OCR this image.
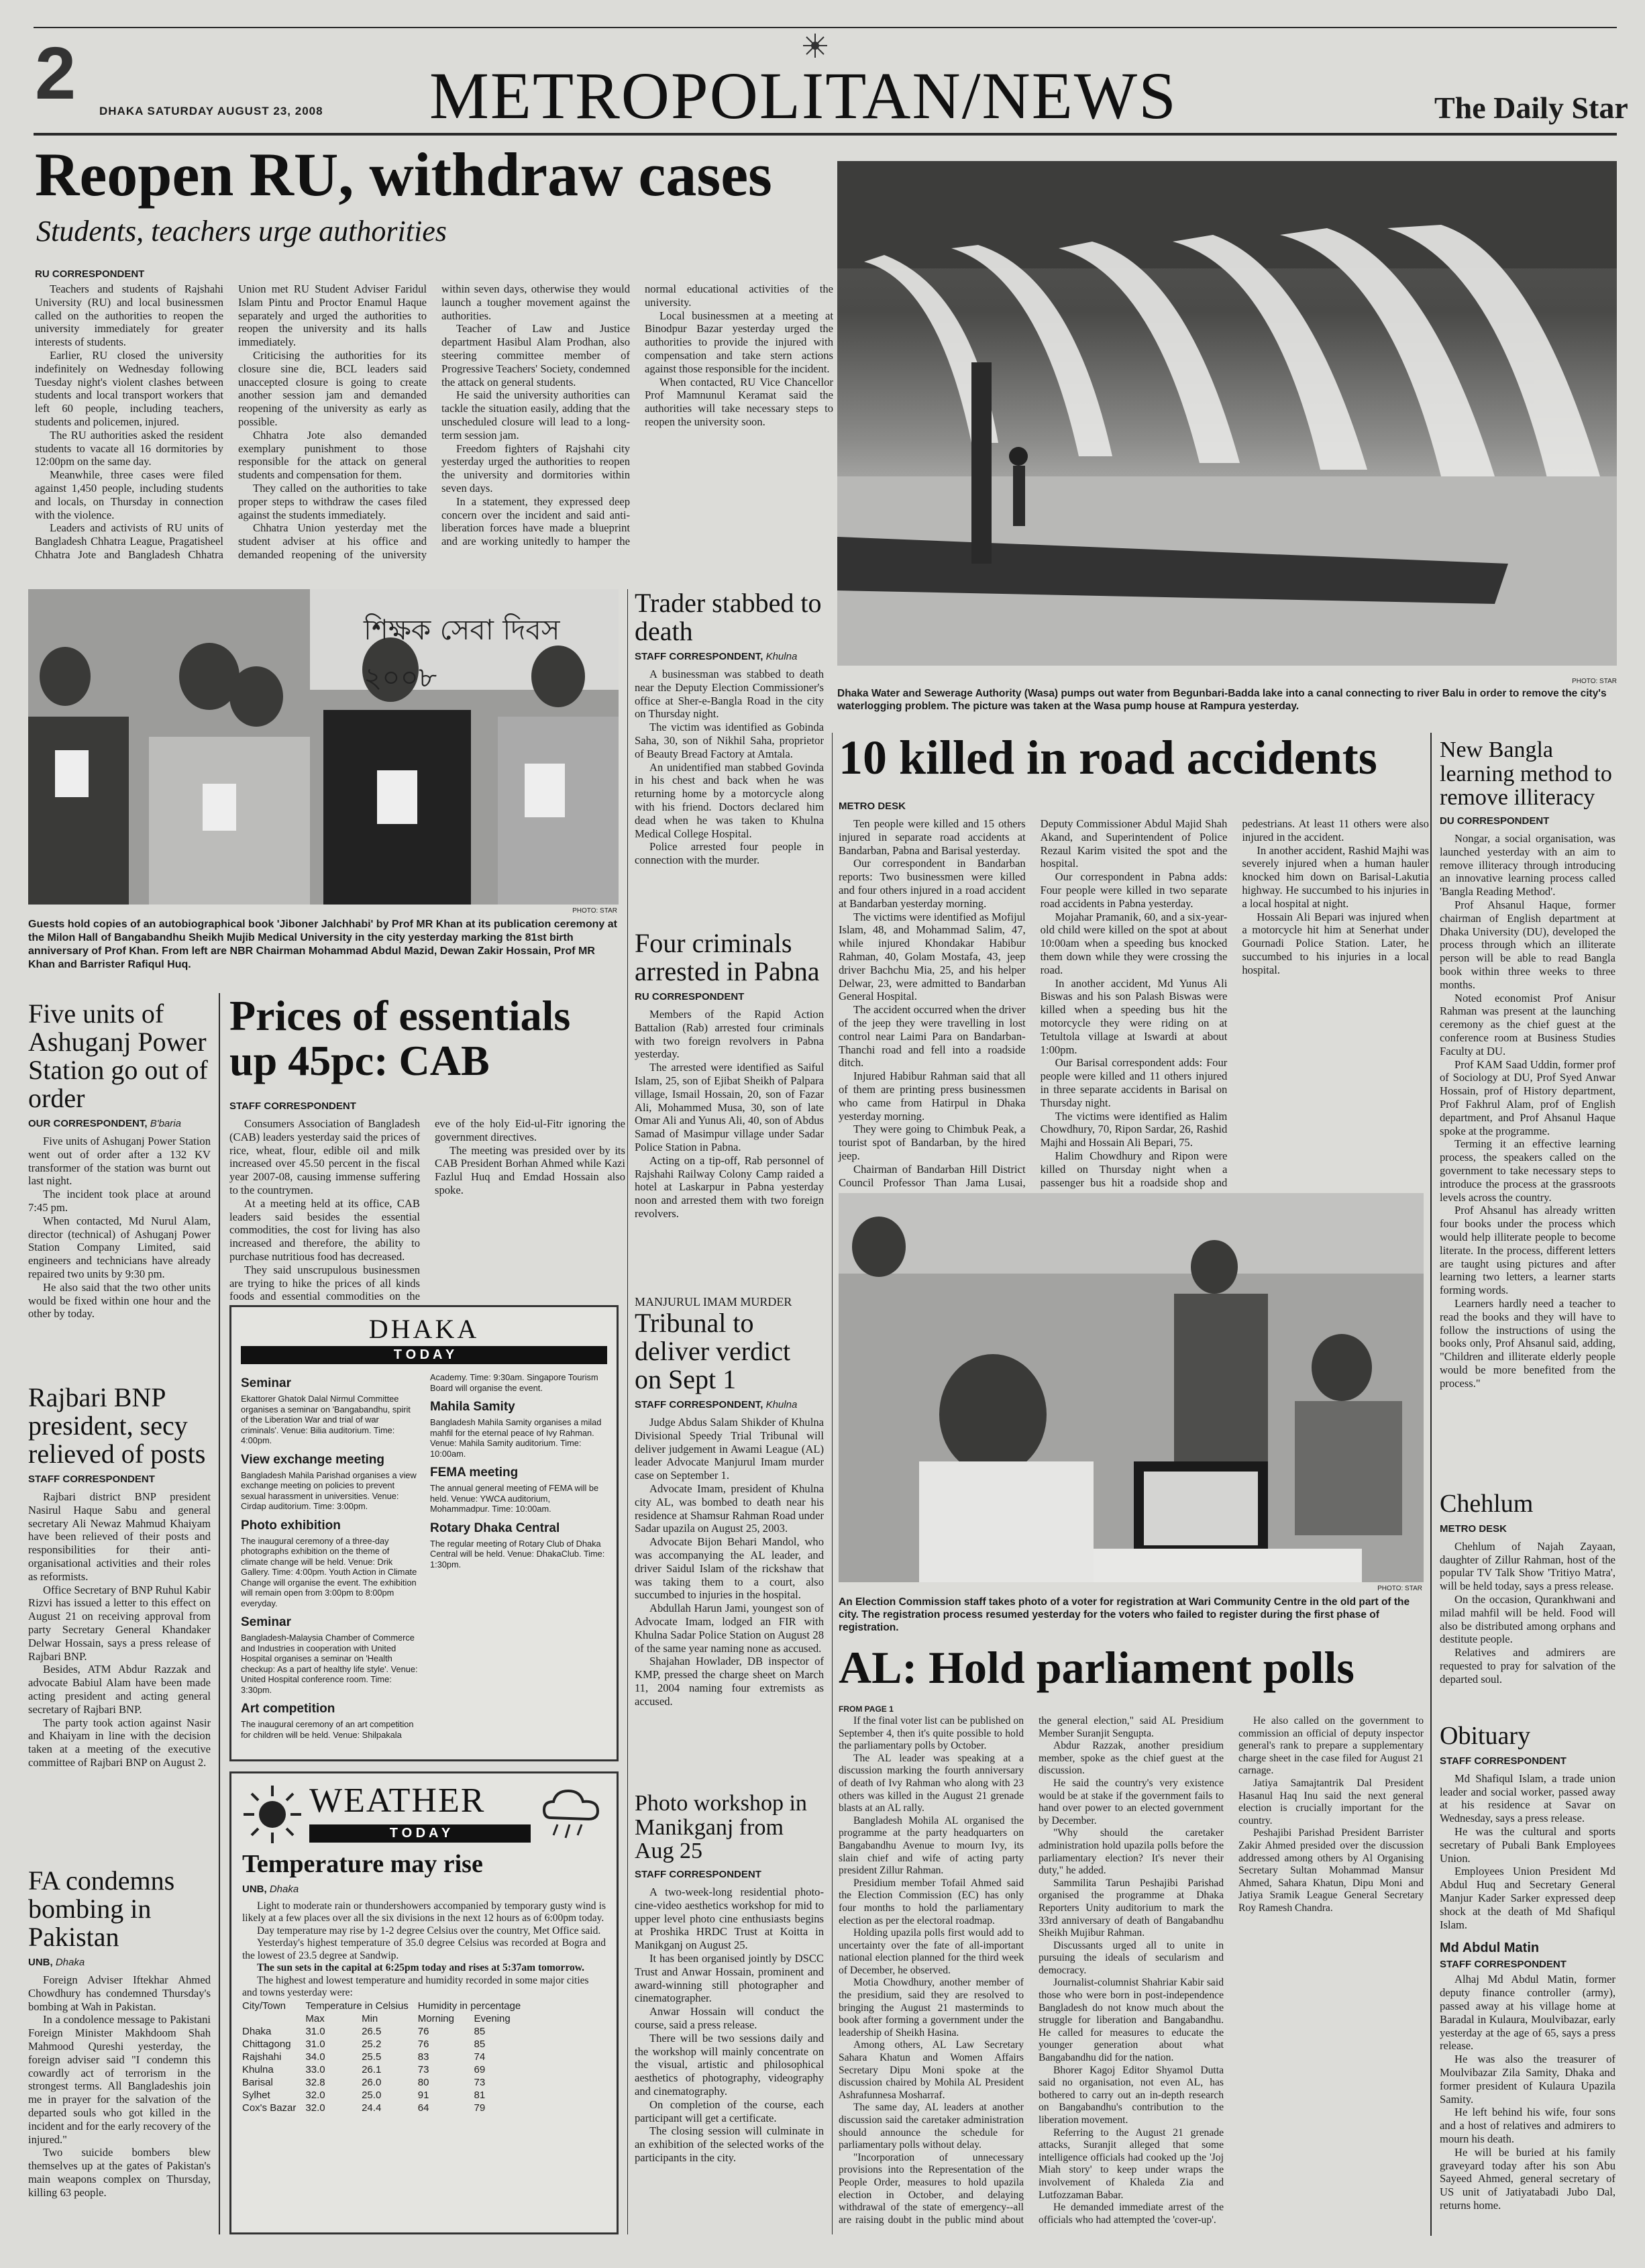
2 DHAKA SATURDAY AUGUST 23, 2008 METROPOLITAN/NEWS	The Daily Star
Reopen RU, withdraw cases
Students, teachers urge authorities
RU CORRESPONDENT

Teachers and students of Rajshahi University (RU) and local businessmen called on the authorities to reopen the university immediately for greater interests of students.

Earlier, RU closed the university indefinitely on Wednesday following Tuesday night's violent clashes between students and local transport workers that left 60 people, including teachers, students and policemen, injured.

The RU authorities asked the resident students to vacate all 16 dormitories by 12:00pm on the same day.

Meanwhile, three cases were filed against 1,450 people, including students and locals, on Thursday in connection with the violence.

Leaders and activists of RU units of Bangladesh Chhatra League, Pragatisheel Chhatra Jote and Bangladesh Chhatra Union met RU Student Adviser Faridul Islam Pintu and Proctor Enamul Haque separately and urged the authorities to reopen the university and its halls immediately.

Criticising the authorities for its closure sine die, BCL leaders said unaccepted closure is going to create another session jam and demanded reopening of the university as early as possible.

Chhatra Jote also demanded exemplary punishment to those responsible for the attack on general students and compensation for them.

They called on the authorities to take proper steps to withdraw the cases filed against the students immediately.

Chhatra Union yesterday met the student adviser at his office and demanded reopening of the university within seven days, otherwise they would launch a tougher movement against the authorities.

Teacher of Law and Justice department Hasibul Alam Prodhan, also steering committee member of Progressive Teachers' Society, condemned the attack on general students.

He said the university authorities can tackle the situation easily, adding that the unscheduled closure will lead to a long-term session jam.

Freedom fighters of Rajshahi city yesterday urged the authorities to reopen the university and dormitories within seven days.

In a statement, they expressed deep concern over the incident and said anti-liberation forces have made a blueprint and are working unitedly to hamper the normal educational activities of the university.

Local businessmen at a meeting at Binodpur Bazar yesterday urged the authorities to provide the injured with compensation and take stern actions against those responsible for the incident.

When contacted, RU Vice Chancellor Prof Mamnunul Keramat said the authorities will take necessary steps to reopen the university soon.

PHOTO: STAR
Dhaka Water and Sewerage Authority (Wasa) pumps out water from Begunbari-Badda lake into a canal connecting to river Balu in order to remove the city's waterlogging problem. The picture was taken at the Wasa pump house at Rampura yesterday.
শিক্ষক সেবা দিবস ২০০৮
PHOTO: STAR
Guests hold copies of an autobiographical book 'Jiboner Jalchhabi' by Prof MR Khan at its publication ceremony at the Milon Hall of Bangabandhu Sheikh Mujib Medical University in the city yesterday marking the 81st birth anniversary of Prof Khan. From left are NBR Chairman Mohammad Abdul Mazid, Dewan Zakir Hossain, Prof MR Khan and Barrister Rafiqul Huq.
Trader stabbed to death
STAFF CORRESPONDENT, Khulna

A businessman was stabbed to death near the Deputy Election Commissioner's office at Sher-e-Bangla Road in the city on Thursday night.

The victim was identified as Gobinda Saha, 30, son of Nikhil Saha, proprietor of Beauty Bread Factory at Amtala.

An unidentified man stabbed Govinda in his chest and back when he was returning home by a motorcycle along with his friend. Doctors declared him dead when he was taken to Khulna Medical College Hospital.

Police arrested four people in connection with the murder.

Four criminals arrested in Pabna
RU CORRESPONDENT

Members of the Rapid Action Battalion (Rab) arrested four criminals with two foreign revolvers in Pabna yesterday.

The arrested were identified as Saiful Islam, 25, son of Ejibat Sheikh of Palpara village, Ismail Hossain, 20, son of Fazar Ali, Mohammed Musa, 30, son of late Omar Ali and Yunus Ali, 40, son of Abdus Samad of Masimpur village under Sadar Police Station in Pabna.

Acting on a tip-off, Rab personnel of Rajshahi Railway Colony Camp raided a hotel at Laskarpur in Pabna yesterday noon and arrested them with two foreign revolvers.

MANJURUL IMAM MURDER
Tribunal to deliver verdict on Sept 1
STAFF CORRESPONDENT, Khulna

Judge Abdus Salam Shikder of Khulna Divisional Speedy Trial Tribunal will deliver judgement in Awami League (AL) leader Advocate Manjurul Imam murder case on September 1.

Advocate Imam, president of Khulna city AL, was bombed to death near his residence at Shamsur Rahman Road under Sadar upazila on August 25, 2003.

Advocate Bijon Behari Mandol, who was accompanying the AL leader, and driver Saidul Islam of the rickshaw that was taking them to a court, also succumbed to injuries in the hospital.

Abdullah Harun Jami, youngest son of Advocate Imam, lodged an FIR with Khulna Sadar Police Station on August 28 of the same year naming none as accused.

Shajahan Howlader, DB inspector of KMP, pressed the charge sheet on March 11, 2004 naming four extremists as accused.

Photo workshop in Manikganj from Aug 25
STAFF CORRESPONDENT

A two-week-long residential photo-cine-video aesthetics workshop for mid to upper level photo cine enthusiasts begins at Proshika HRDC Trust at Koitta in Manikganj on August 25.

It has been organised jointly by DSCC Trust and Anwar Hossain, prominent and award-winning still photographer and cinematographer.

Anwar Hossain will conduct the course, said a press release.

There will be two sessions daily and the workshop will mainly concentrate on the visual, artistic and philosophical aesthetics of photography, videography and cinematography.

On completion of the course, each participant will get a certificate.

The closing session will culminate in an exhibition of the selected works of the participants in the city.

10 killed in road accidents
METRO DESK

Ten people were killed and 15 others injured in separate road accidents at Bandarban, Pabna and Barisal yesterday.

Our correspondent in Bandarban reports: Two businessmen were killed and four others injured in a road accident at Bandarban yesterday morning.

The victims were identified as Mofijul Islam, 48, and Mohammad Salim, 47, while injured Khondakar Habibur Rahman, 40, Golam Mostafa, 43, jeep driver Bachchu Mia, 25, and his helper Delwar, 23, were admitted to Bandarban General Hospital.

The accident occurred when the driver of the jeep they were travelling in lost control near Laimi Para on Bandarban-Thanchi road and fell into a roadside ditch.

Injured Habibur Rahman said that all of them are printing press businessmen who came from Hatirpul in Dhaka yesterday morning.

They were going to Chimbuk Peak, a tourist spot of Bandarban, by the hired jeep.

Chairman of Bandarban Hill District Council Professor Than Jama Lusai, Deputy Commissioner Abdul Majid Shah Akand, and Superintendent of Police Rezaul Karim visited the spot and the hospital.

Our correspondent in Pabna adds: Four people were killed in two separate road accidents in Pabna yesterday.

Mojahar Pramanik, 60, and a six-year-old child were killed on the spot at about 10:00am when a speeding bus knocked them down while they were crossing the road.

In another accident, Md Yunus Ali Biswas and his son Palash Biswas were killed when a speeding bus hit the motorcycle they were riding on at Tetultola village at Iswardi at about 1:00pm.

Our Barisal correspondent adds: Four people were killed and 11 others injured in three separate accidents in Barisal on Thursday night.

The victims were identified as Halim Chowdhury, 70, Ripon Sardar, 26, Rashid Majhi and Hossain Ali Bepari, 75.

Halim Chowdhury and Ripon were killed on Thursday night when a passenger bus hit a roadside shop and pedestrians. At least 11 others were also injured in the accident.

In another accident, Rashid Majhi was severely injured when a human hauler knocked him down on Barisal-Lakutia highway. He succumbed to his injuries in a local hospital at night.

Hossain Ali Bepari was injured when a motorcycle hit him at Senerhat under Gournadi Police Station. Later, he succumbed to his injuries in a local hospital.

New Bangla learning method to remove illiteracy
DU CORRESPONDENT

Nongar, a social organisation, was launched yesterday with an aim to remove illiteracy through introducing an innovative learning process called 'Bangla Reading Method'.

Prof Ahsanul Haque, former chairman of English department at Dhaka University (DU), developed the process through which an illiterate person will be able to read Bangla book within three weeks to three months.

Noted economist Prof Anisur Rahman was present at the launching ceremony as the chief guest at the conference room at Business Studies Faculty at DU.

Prof KAM Saad Uddin, former prof of Sociology at DU, Prof Syed Anwar Hossain, prof of History department, Prof Fakhrul Alam, prof of English department, and Prof Ahsanul Haque spoke at the programme.

Terming it an effective learning process, the speakers called on the government to take necessary steps to introduce the process at the grassroots levels across the country.

Prof Ahsanul has already written four books under the process which would help illiterate people to become literate. In the process, different letters are taught using pictures and after learning two letters, a learner starts forming words.

Learners hardly need a teacher to read the books and they will have to follow the instructions of using the books only, Prof Ahsanul said, adding, "Children and illiterate elderly people would be more benefited from the process."

Chehlum
METRO DESK

Chehlum of Najah Zayaan, daughter of Zillur Rahman, host of the popular TV Talk Show 'Tritiyo Matra', will be held today, says a press release.

On the occasion, Qurankhwani and milad mahfil will be held. Food will also be distributed among orphans and destitute people.

Relatives and admirers are requested to pray for salvation of the departed soul.

Obituary
STAFF CORRESPONDENT

Md Shafiqul Islam, a trade union leader and social worker, passed away at his residence at Savar on Wednesday, says a press release.

He was the cultural and sports secretary of Pubali Bank Employees Union.

Employees Union President Md Abdul Huq and Secretary General Manjur Kader Sarker expressed deep shock at the death of Md Shafiqul Islam.

Md Abdul Matin
STAFF CORRESPONDENT

Alhaj Md Abdul Matin, former deputy finance controller (army), passed away at his village home at Baradal in Kulaura, Moulvibazar, early yesterday at the age of 65, says a press release.

He was also the treasurer of Moulvibazar Zila Samity, Dhaka and former president of Kulaura Upazila Samity.

He left behind his wife, four sons and a host of relatives and admirers to mourn his death.

He will be buried at his family graveyard today after his son Abu Sayeed Ahmed, general secretary of US unit of Jatiyatabadi Jubo Dal, returns home.

PHOTO: STAR
An Election Commission staff takes photo of a voter for registration at Wari Community Centre in the old part of the city. The registration process resumed yesterday for the voters who failed to register during the first phase of registration.
AL: Hold parliament polls
FROM PAGE 1

If the final voter list can be published on September 4, then it's quite possible to hold the parliamentary polls by October.

The AL leader was speaking at a discussion marking the fourth anniversary of death of Ivy Rahman who along with 23 others was killed in the August 21 grenade blasts at an AL rally.

Bangladesh Mohila AL organised the programme at the party headquarters on Bangabandhu Avenue to mourn Ivy, its slain chief and wife of acting party president Zillur Rahman.

Presidium member Tofail Ahmed said the Election Commission (EC) has only four months to hold the parliamentary election as per the electoral roadmap.

Holding upazila polls first would add to uncertainty over the fate of all-important national election planned for the third week of December, he observed.

Motia Chowdhury, another member of the presidium, said they are resolved to bringing the August 21 masterminds to book after forming a government under the leadership of Sheikh Hasina.

Among others, AL Law Secretary Sahara Khatun and Women Affairs Secretary Dipu Moni spoke at the discussion chaired by Mohila AL President Ashrafunnesa Mosharraf.

The same day, AL leaders at another discussion said the caretaker administration should announce the schedule for parliamentary polls without delay.

"Incorporation of unnecessary provisions into the Representation of the People Order, measures to hold upazila election in October, and delaying withdrawal of the state of emergency--all are raising doubt in the public mind about the general election," said AL Presidium Member Suranjit Sengupta.

Abdur Razzak, another presidium member, spoke as the chief guest at the discussion.

He said the country's very existence would be at stake if the government fails to hand over power to an elected government by December.

"Why should the caretaker administration hold upazila polls before the parliamentary election? It's never their duty," he added.

Sammilita Tarun Peshajibi Parishad organised the programme at Dhaka Reporters Unity auditorium to mark the 33rd anniversary of death of Bangabandhu Sheikh Mujibur Rahman.

Discussants urged all to unite in pursuing the ideals of secularism and democracy.

Journalist-columnist Shahriar Kabir said those who were born in post-independence Bangladesh do not know much about the struggle for liberation and Bangabandhu. He called for measures to educate the younger generation about what Bangabandhu did for the nation.

Bhorer Kagoj Editor Shyamol Dutta said no organisation, not even AL, has bothered to carry out an in-depth research on Bangabandhu's contribution to the liberation movement.

Referring to the August 21 grenade attacks, Suranjit alleged that some intelligence officials had cooked up the 'Joj Miah story' to keep under wraps the involvement of Khaleda Zia and Lutfozzaman Babar.

He demanded immediate arrest of the officials who had attempted the 'cover-up'.

He also called on the government to commission an official of deputy inspector general's rank to prepare a supplementary charge sheet in the case filed for August 21 carnage.

Jatiya Samajtantrik Dal President Hasanul Haq Inu said the next general election is crucially important for the country.

Peshajibi Parishad President Barrister Zakir Ahmed presided over the discussion addressed among others by Al Organising Secretary Sultan Mohammad Mansur Ahmed, Sahara Khatun, Dipu Moni and Jatiya Sramik League General Secretary Roy Ramesh Chandra.

Five units of Ashuganj Power Station go out of order
OUR CORRESPONDENT, B'baria

Five units of Ashuganj Power Station went out of order after a 132 KV transformer of the station was burnt out last night.

The incident took place at around 7:45 pm.

When contacted, Md Nurul Alam, director (technical) of Ashuganj Power Station Company Limited, said engineers and technicians have already repaired two units by 9:30 pm.

He also said that the two other units would be fixed within one hour and the other by today.

Rajbari BNP president, secy relieved of posts
STAFF CORRESPONDENT

Rajbari district BNP president Nasirul Haque Sabu and general secretary Ali Newaz Mahmud Khaiyam have been relieved of their posts and responsibilities for their anti-organisational activities and their roles as reformists.

Office Secretary of BNP Ruhul Kabir Rizvi has issued a letter to this effect on August 21 on receiving approval from party Secretary General Khandaker Delwar Hossain, says a press release of Rajbari BNP.

Besides, ATM Abdur Razzak and advocate Babiul Alam have been made acting president and acting general secretary of Rajbari BNP.

The party took action against Nasir and Khaiyam in line with the decision taken at a meeting of the executive committee of Rajbari BNP on August 2.

FA condemns bombing in Pakistan
UNB, Dhaka

Foreign Adviser Iftekhar Ahmed Chowdhury has condemned Thursday's bombing at Wah in Pakistan.

In a condolence message to Pakistani Foreign Minister Makhdoom Shah Mahmood Qureshi yesterday, the foreign adviser said "I condemn this cowardly act of terrorism in the strongest terms. All Bangladeshis join me in prayer for the salvation of the departed souls who got killed in the incident and for the early recovery of the injured."

Two suicide bombers blew themselves up at the gates of Pakistan's main weapons complex on Thursday, killing 63 people.

Prices of essentials up 45pc: CAB
STAFF CORRESPONDENT

Consumers Association of Bangladesh (CAB) leaders yesterday said the prices of rice, wheat, flour, edible oil and milk increased over 45.50 percent in the fiscal year 2007-08, causing immense suffering to the countrymen.

At a meeting held at its office, CAB leaders said besides the essential commodities, the cost for living has also increased and therefore, the ability to purchase nutritious food has decreased.

They said unscrupulous businessmen are trying to hike the prices of all kinds foods and essential commodities on the eve of the holy Eid-ul-Fitr ignoring the government directives.

The meeting was presided over by its CAB President Borhan Ahmed while Kazi Fazlul Huq and Emdad Hossain also spoke.

DHAKA
T O D A Y
Seminar
Ekattorer Ghatok Dalal Nirmul Committee organises a seminar on 'Bangabandhu, spirit of the Liberation War and trial of war criminals'. Venue: Bilia auditorium. Time: 4:00pm.
View exchange meeting
Bangladesh Mahila Parishad organises a view exchange meeting on policies to prevent sexual harassment in universities. Venue: Cirdap auditorium. Time: 3:00pm.
Photo exhibition
The inaugural ceremony of a three-day photographs exhibition on the theme of climate change will be held. Venue: Drik Gallery. Time: 4:00pm. Youth Action in Climate Change will organise the event. The exhibition will remain open from 3:00pm to 8:00pm everyday.
Seminar
Bangladesh-Malaysia Chamber of Commerce and Industries in cooperation with United Hospital organises a seminar on 'Health checkup: As a part of healthy life style'. Venue: United Hospital conference room. Time: 3:30pm.
Art competition
The inaugural ceremony of an art competition for children will be held. Venue: Shilpakala Academy. Time: 9:30am. Singapore Tourism Board will organise the event.
Mahila Samity
Bangladesh Mahila Samity organises a milad mahfil for the eternal peace of Ivy Rahman. Venue: Mahila Samity auditorium. Time: 10:00am.
FEMA meeting
The annual general meeting of FEMA will be held. Venue: YWCA auditorium, Mohammadpur. Time: 10:00am.
Rotary Dhaka Central
The regular meeting of Rotary Club of Dhaka Central will be held. Venue: DhakaClub. Time: 1:30pm.
WEATHER
T O D A Y
Temperature may rise
UNB, Dhaka

Light to moderate rain or thundershowers accompanied by temporary gusty wind is likely at a few places over all the six divisions in the next 12 hours as of 6:00pm today.

Day temperature may rise by 1-2 degree Celsius over the country, Met Office said.

Yesterday's highest temperature of 35.0 degree Celsius was recorded at Bogra and the lowest of 23.5 degree at Sandwip.

The sun sets in the capital at 6:25pm today and rises at 5:37am tomorrow.
The highest and lowest temperature and humidity recorded in some major cities and towns yesterday were:
City/Town	Temperature in Celsius		Humidity in percentage	
	Max	Min	Morning	Evening
Dhaka	31.0	26.5	76	85
Chittagong	31.0	25.2	76	85
Rajshahi	34.0	25.5	83	74
Khulna	33.0	26.1	73	69
Barisal	32.8	26.0	80	73
Sylhet	32.0	25.0	91	81
Cox's Bazar	32.0	24.4	64	79
